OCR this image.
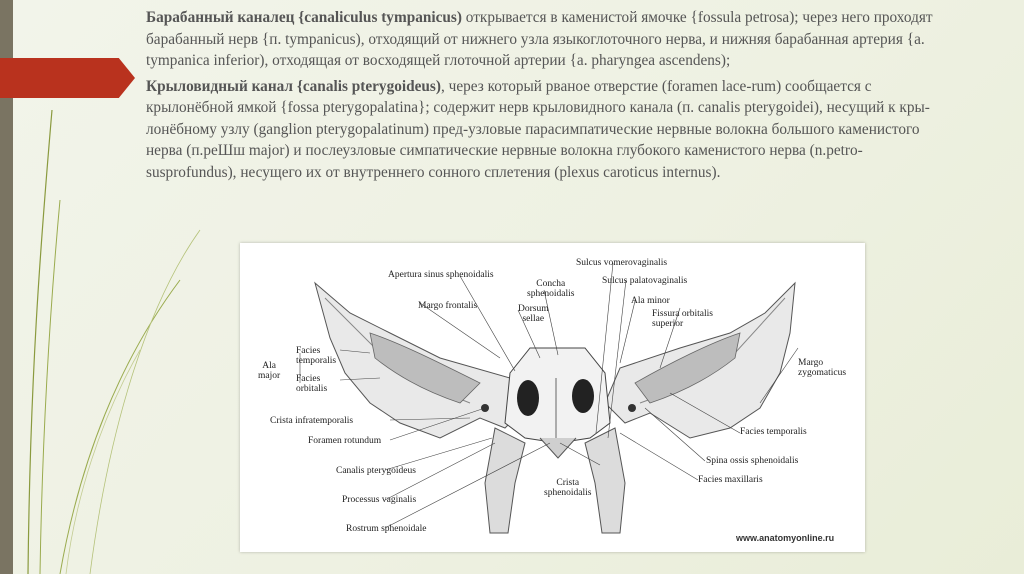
Барабанный каналец {canaliculus tympanicus) открывается в каменистой ямочке {fossula petrosa); через него проходят барабанный нерв {п. tympanicus), отходящий от нижнего узла языкоглоточного нерва, и нижняя барабанная артерия {a. tympanica inferior), отходящая от восходящей глоточной артерии {a. pharyngea ascendens);

Крыловидный канал {canalis pterygoideus), через который рваное отверстие (foramen lace-rum) сообщается с крылонёбной ямкой {fossa pterygopalatina}; содержит нерв крыловидного канала (п. canalis pterygoidei), несущий к кры-лонёбному узлу (ganglion pterygopalatinum) пред-узловые парасимпатические нервные волокна большого каменистого нерва (п.реШш major) и послеузловые симпатические нервные волокна глубокого каменистого нерва (n.petro-susprofundus), несущего их от внутреннего сонного сплетения (plexus caroticus internus).

Apertura sinus sphenoidalis
Sulcus vomerovaginalis
Concha
sphenoidalis
Sulcus palatovaginalis
Margo frontalis	Dorsum
sellae
Ala minor
Fissura orbitalis
superior
Ala
major
Facies
temporalis
Facies
orbitalis
Margo
zygomaticus
Crista infratemporalis
Foramen rotundum
Facies temporalis
Canalis pterygoideus
Spina ossis sphenoidalis
Crista
sphenoidalis
Facies maxillaris
Processus vaginalis
Rostrum sphenoidale
www.anatomyonline.ru
